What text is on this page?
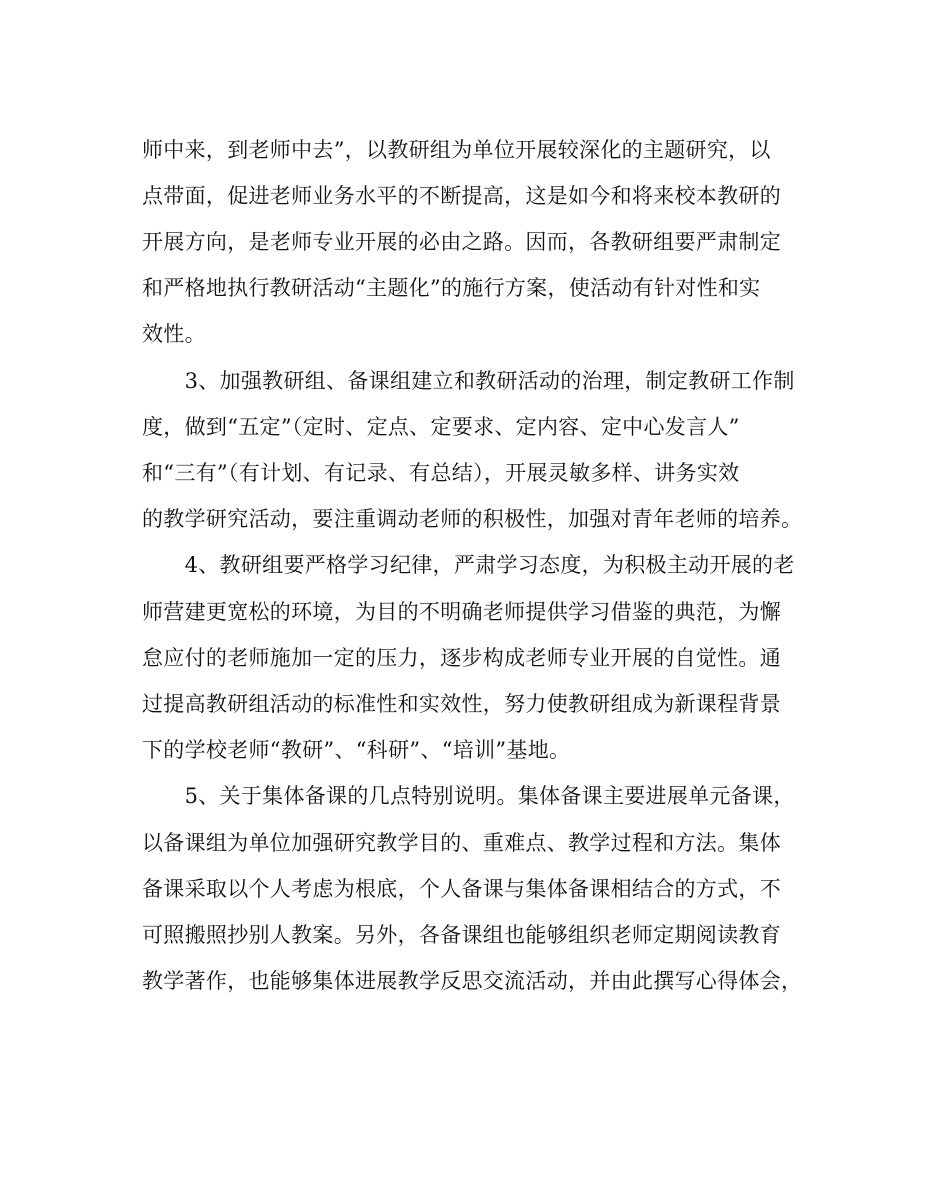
师中来，到老师中去”，以教研组为单位开展较深化的主题研究，以
点带面，促进老师业务水平的不断提高，这是如今和将来校本教研的
开展方向，是老师专业开展的必由之路。因而，各教研组要严肃制定
和严格地执行教研活动“主题化”的施行方案，使活动有针对性和实
效性。
　　3、加强教研组、备课组建立和教研活动的治理，制定教研工作制
度，做到“五定”（定时、定点、定要求、定内容、定中心发言人”
和“三有”（有计划、有记录、有总结），开展灵敏多样、讲务实效
的教学研究活动，要注重调动老师的积极性，加强对青年老师的培养。
　　4、教研组要严格学习纪律，严肃学习态度，为积极主动开展的老
师营建更宽松的环境，为目的不明确老师提供学习借鉴的典范，为懈
怠应付的老师施加一定的压力，逐步构成老师专业开展的自觉性。通
过提高教研组活动的标准性和实效性，努力使教研组成为新课程背景
下的学校老师“教研”、“科研”、“培训”基地。
　　5、关于集体备课的几点特别说明。集体备课主要进展单元备课，
以备课组为单位加强研究教学目的、重难点、教学过程和方法。集体
备课采取以个人考虑为根底，个人备课与集体备课相结合的方式，不
可照搬照抄别人教案。另外，各备课组也能够组织老师定期阅读教育
教学著作，也能够集体进展教学反思交流活动，并由此撰写心得体会，
